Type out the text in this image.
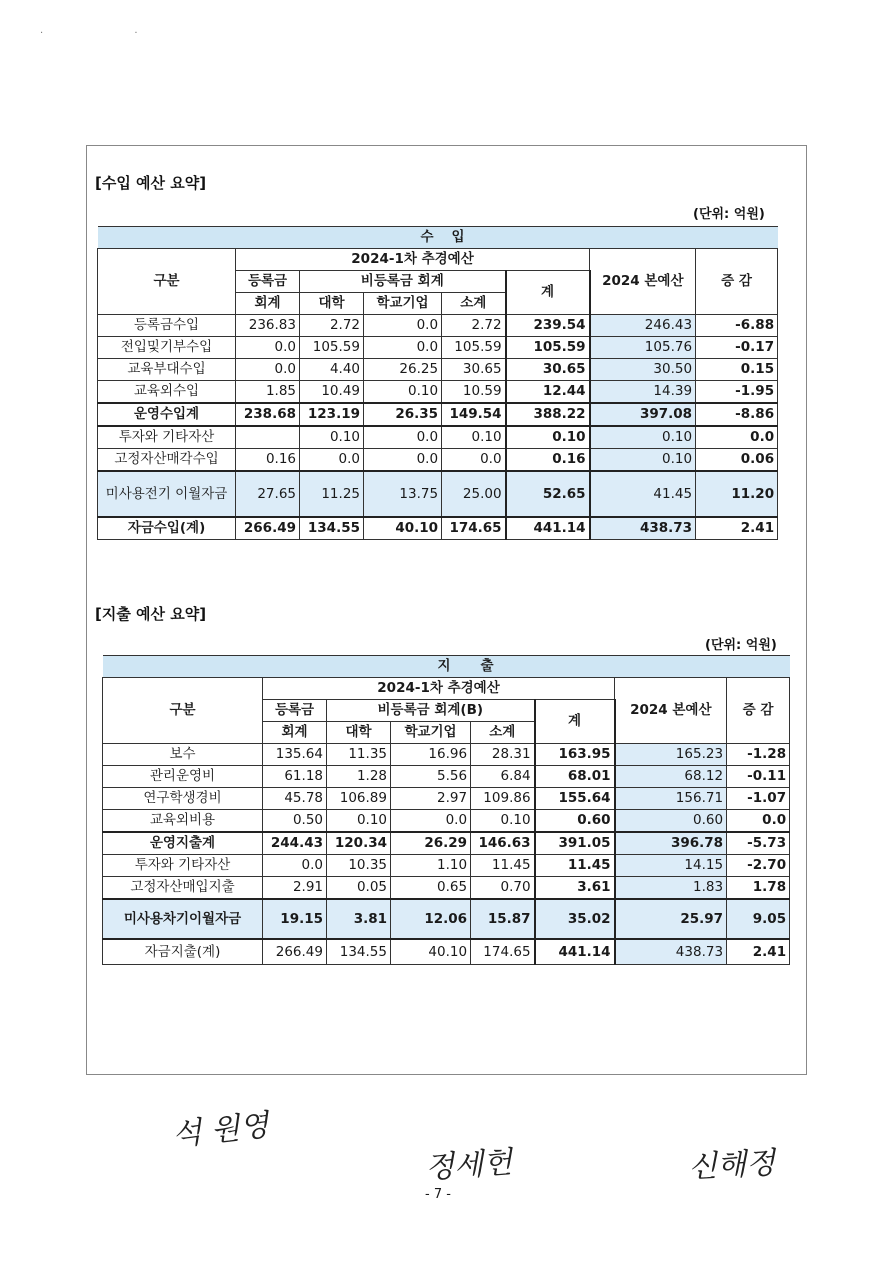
· ·
[수입 예산 요약]
(단위: 억원)
수				입			
구분	2024-1차 추경예산					2024 본예산	증 감
	등록금	비등록금 회계			계		
	회계	대학	학교기업	소계			
등록금수입	236.83	2.72	0.0	2.72	239.54	246.43	-6.88
전입및기부수입	0.0	105.59	0.0	105.59	105.59	105.76	-0.17
교육부대수입	0.0	4.40	26.25	30.65	30.65	30.50	0.15
교육외수입	1.85	10.49	0.10	10.59	12.44	14.39	-1.95
운영수입계	238.68	123.19	26.35	149.54	388.22	397.08	-8.86
투자와 기타자산		0.10	0.0	0.10	0.10	0.10	0.0
고정자산매각수입	0.16	0.0	0.0	0.0	0.16	0.10	0.06
미사용전기 이월자금	27.65	11.25	13.75	25.00	52.65	41.45	11.20
자금수입(계)	266.49	134.55	40.10	174.65	441.14	438.73	2.41
[지출 예산 요약]
(단위: 억원)
지				출			
구분	2024-1차 추경예산					2024 본예산	증 감
	등록금	비등록금 회계(B)			계		
	회계	대학	학교기업	소계			
보수	135.64	11.35	16.96	28.31	163.95	165.23	-1.28
관리운영비	61.18	1.28	5.56	6.84	68.01	68.12	-0.11
연구학생경비	45.78	106.89	2.97	109.86	155.64	156.71	-1.07
교육외비용	0.50	0.10	0.0	0.10	0.60	0.60	0.0
운영지출계	244.43	120.34	26.29	146.63	391.05	396.78	-5.73
투자와 기타자산	0.0	10.35	1.10	11.45	11.45	14.15	-2.70
고정자산매입지출	2.91	0.05	0.65	0.70	3.61	1.83	1.78
미사용차기이월자금	19.15	3.81	12.06	15.87	35.02	25.97	9.05
자금지출(계)	266.49	134.55	40.10	174.65	441.14	438.73	2.41
석 원영
정세헌	신해정
- 7 -
